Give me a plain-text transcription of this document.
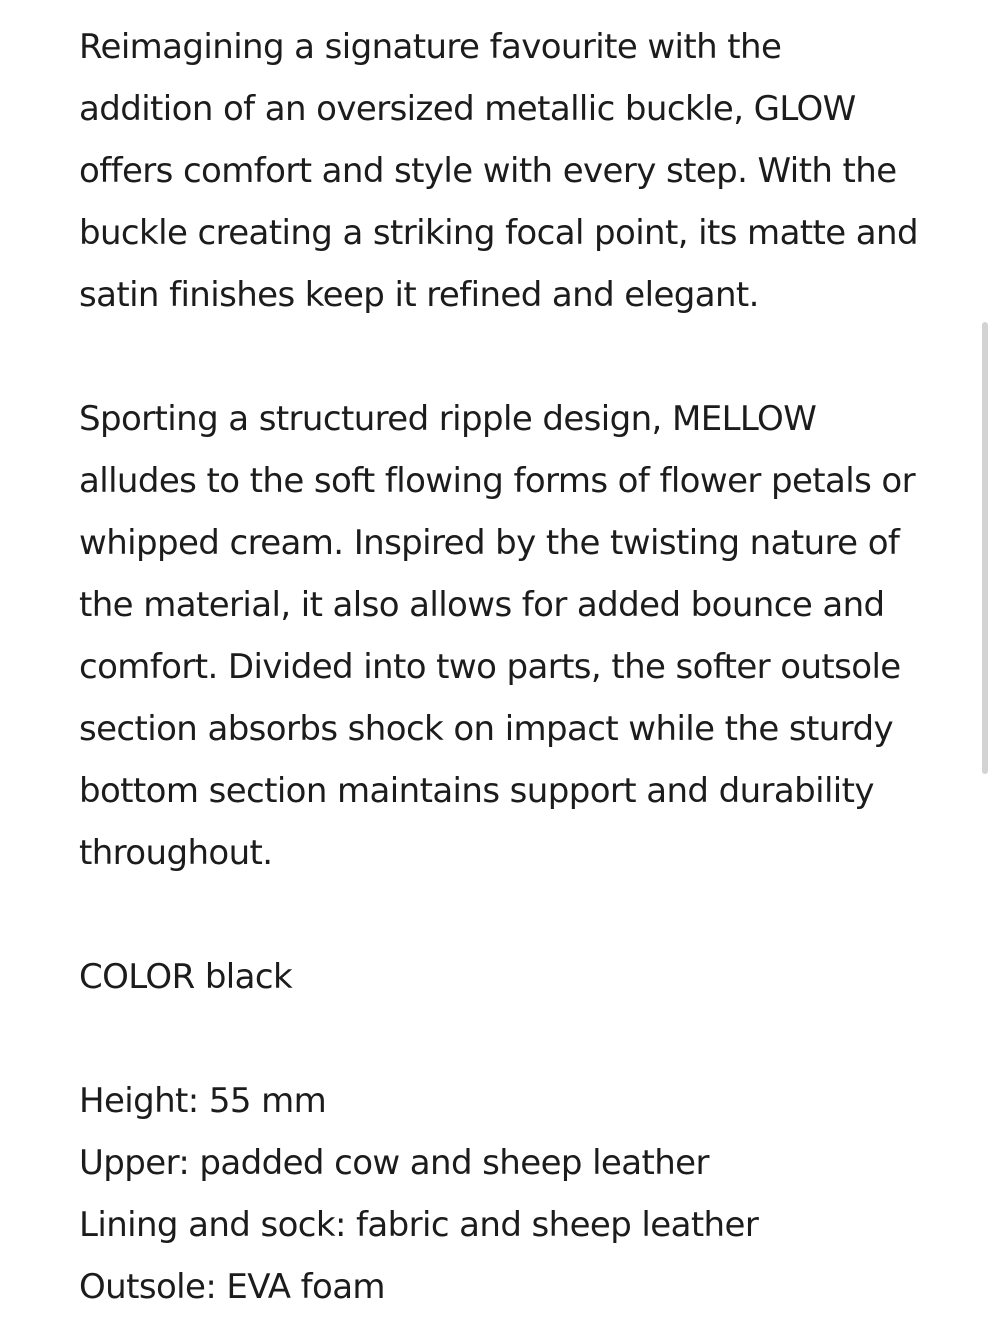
Reimagining a signature favourite with the
addition of an oversized metallic buckle, GLOW
offers comfort and style with every step. With the
buckle creating a striking focal point, its matte and
satin finishes keep it refined and elegant.

Sporting a structured ripple design, MELLOW
alludes to the soft flowing forms of flower petals or
whipped cream. Inspired by the twisting nature of
the material, it also allows for added bounce and
comfort. Divided into two parts, the softer outsole
section absorbs shock on impact while the sturdy
bottom section maintains support and durability
throughout.

COLOR black

Height: 55 mm
Upper: padded cow and sheep leather
Lining and sock: fabric and sheep leather
Outsole: EVA foam
